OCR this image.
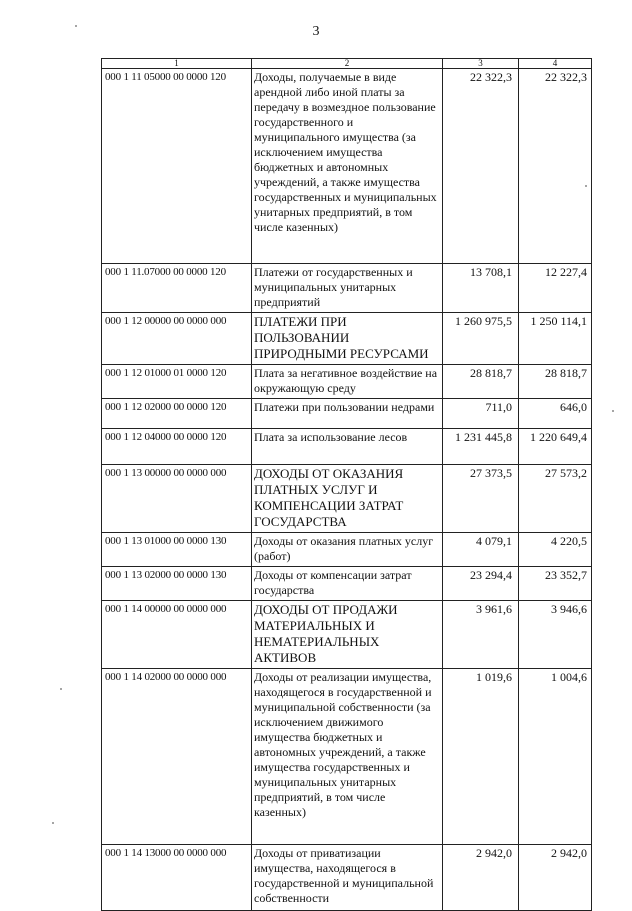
3
1	2	3	4
000 1 11 05000 00 0000 120	Доходы, получаемые в виде арендной либо иной платы за передачу в возмездное пользование государственного и муниципального имущества (за исключением имущества бюджетных и автономных учреждений, а также имущества государственных и муниципальных унитарных предприятий, в том числе казенных)	22 322,3	22 322,3
000 1 11.07000 00 0000 120	Платежи от государственных и муниципальных унитарных предприятий	13 708,1	12 227,4
000 1 12 00000 00 0000 000	ПЛАТЕЖИ ПРИ ПОЛЬЗОВАНИИ ПРИРОДНЫМИ РЕСУРСАМИ	1 260 975,5	1 250 114,1
000 1 12 01000 01 0000 120	Плата за негативное воздействие на окружающую среду	28 818,7	28 818,7
000 1 12 02000 00 0000 120	Платежи при пользовании недрами	711,0	646,0
000 1 12 04000 00 0000 120	Плата за использование лесов	1 231 445,8	1 220 649,4
000 1 13 00000 00 0000 000	ДОХОДЫ ОТ ОКАЗАНИЯ ПЛАТНЫХ УСЛУГ И КОМПЕНСАЦИИ ЗАТРАТ ГОСУДАРСТВА	27 373,5	27 573,2
000 1 13 01000 00 0000 130	Доходы от оказания платных услуг (работ)	4 079,1	4 220,5
000 1 13 02000 00 0000 130	Доходы от компенсации затрат государства	23 294,4	23 352,7
000 1 14 00000 00 0000 000	ДОХОДЫ ОТ ПРОДАЖИ МАТЕРИАЛЬНЫХ И НЕМАТЕРИАЛЬНЫХ АКТИВОВ	3 961,6	3 946,6
000 1 14 02000 00 0000 000	Доходы от реализации имущества, находящегося в государственной и муниципальной собственности (за исключением движимого имущества бюджетных и автономных учреждений, а также имущества государственных и муниципальных унитарных предприятий, в том числе казенных)	1 019,6	1 004,6
000 1 14 13000 00 0000 000	Доходы от приватизации имущества, находящегося в государственной и муниципальной собственности	2 942,0	2 942,0
